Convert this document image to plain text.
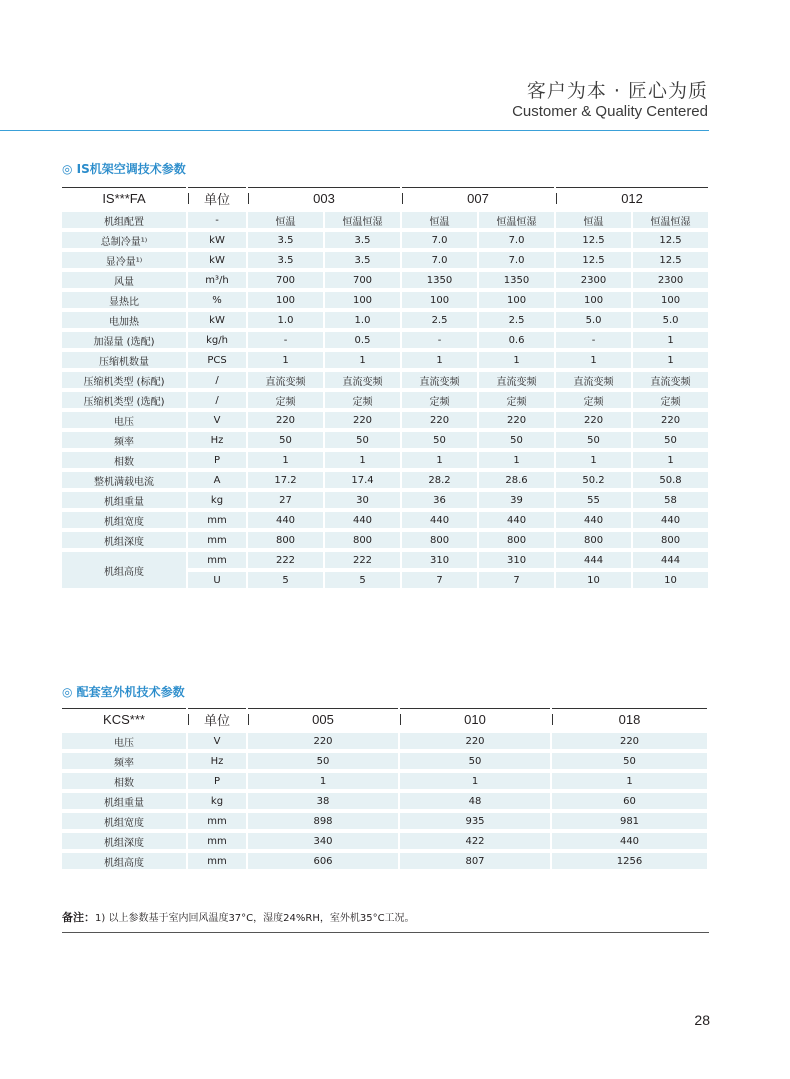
客户为本 · 匠心为质
Customer & Quality Centered
◎ IS机架空调技术参数
IS***FA	单位	003		007		012	
机组配置	-	恒温	恒温恒湿	恒温	恒温恒湿	恒温	恒温恒湿
总制冷量¹⁾	kW	3.5	3.5	7.0	7.0	12.5	12.5
显冷量¹⁾	kW	3.5	3.5	7.0	7.0	12.5	12.5
风量	m³/h	700	700	1350	1350	2300	2300
显热比	%	100	100	100	100	100	100
电加热	kW	1.0	1.0	2.5	2.5	5.0	5.0
加湿量 (选配)	kg/h	-	0.5	-	0.6	-	1
压缩机数量	PCS	1	1	1	1	1	1
压缩机类型 (标配)	/	直流变频	直流变频	直流变频	直流变频	直流变频	直流变频
压缩机类型 (选配)	/	定频	定频	定频	定频	定频	定频
电压	V	220	220	220	220	220	220
频率	Hz	50	50	50	50	50	50
相数	P	1	1	1	1	1	1
整机满载电流	A	17.2	17.4	28.2	28.6	50.2	50.8
机组重量	kg	27	30	36	39	55	58
机组宽度	mm	440	440	440	440	440	440
机组深度	mm	800	800	800	800	800	800
机组高度	mm	222	222	310	310	444	444
	U	5	5	7	7	10	10
◎ 配套室外机技术参数
KCS***	单位	005	010	018
电压	V	220	220	220
频率	Hz	50	50	50
相数	P	1	1	1
机组重量	kg	38	48	60
机组宽度	mm	898	935	981
机组深度	mm	340	422	440
机组高度	mm	606	807	1256
备注：1) 以上参数基于室内回风温度37°C，湿度24%RH，室外机35°C工况。
28
